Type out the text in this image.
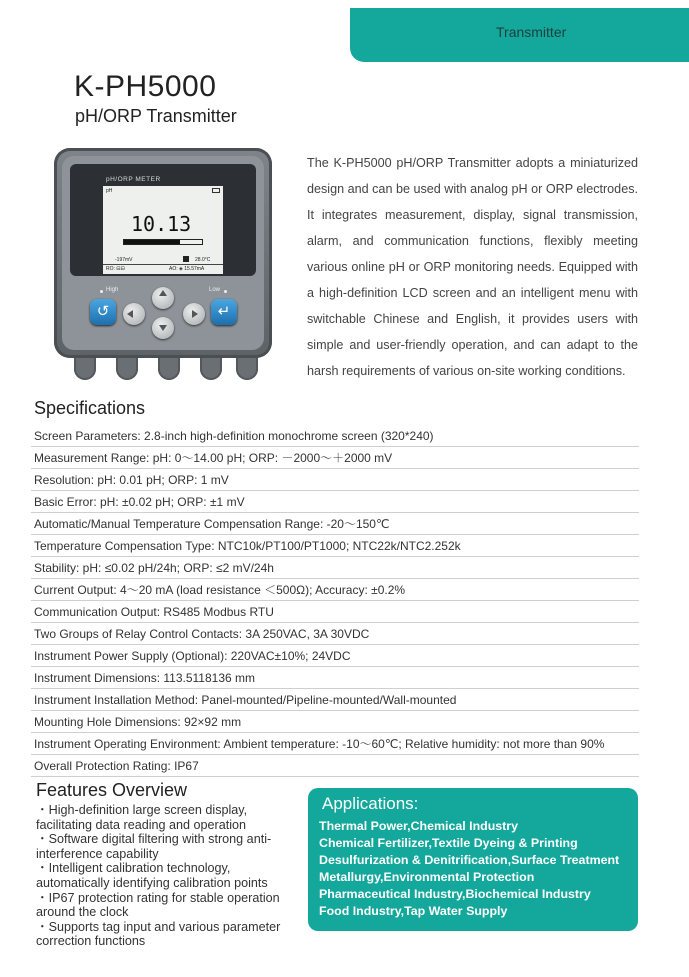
Transmitter
K-PH5000
pH/ORP Transmitter
pH/ORP METER
pH
10.13
-197mV	28.0°C
RO: ⊟⊟	AO: ◈ 15.57mA
High	Low
↺	↵

The K-PH5000 pH/ORP Transmitter adopts a miniaturized design and can be used with analog pH or ORP electrodes. It integrates measurement, display, signal transmission, alarm, and communication functions, flexibly meeting various online pH or ORP monitoring needs. Equipped with a high-definition LCD screen and an intelligent menu with switchable Chinese and English, it provides users with simple and user-friendly operation, and can adapt to the harsh requirements of various on-site working conditions.

Specifications
Screen Parameters: 2.8-inch high-definition monochrome screen (320*240)
Measurement Range: pH: 0～14.00 pH; ORP: －2000～＋2000 mV
Resolution: pH: 0.01 pH; ORP: 1 mV
Basic Error: pH: ±0.02 pH; ORP: ±1 mV
Automatic/Manual Temperature Compensation Range: -20～150℃
Temperature Compensation Type: NTC10k/PT100/PT1000; NTC22k/NTC2.252k
Stability: pH: ≤0.02 pH/24h; ORP: ≤2 mV/24h
Current Output: 4～20 mA (load resistance ＜500Ω); Accuracy: ±0.2%
Communication Output: RS485 Modbus RTU
Two Groups of Relay Control Contacts: 3A 250VAC, 3A 30VDC
Instrument Power Supply (Optional): 220VAC±10%; 24VDC
Instrument Dimensions: 113.5118136 mm
Instrument Installation Method: Panel-mounted/Pipeline-mounted/Wall-mounted
Mounting Hole Dimensions: 92×92 mm
Instrument Operating Environment: Ambient temperature: -10～60℃; Relative humidity: not more than 90%
Overall Protection Rating: IP67
Features Overview

・High-definition large screen display, facilitating data reading and operation

・Software digital filtering with strong anti-interference capability

・Intelligent calibration technology, automatically identifying calibration points

・IP67 protection rating for stable operation around the clock

・Supports tag input and various parameter correction functions

Applications:

Thermal Power,Chemical Industry

Chemical Fertilizer,Textile Dyeing & Printing

Desulfurization & Denitrification,Surface Treatment

Metallurgy,Environmental Protection

Pharmaceutical Industry,Biochemical Industry

Food Industry,Tap Water Supply
